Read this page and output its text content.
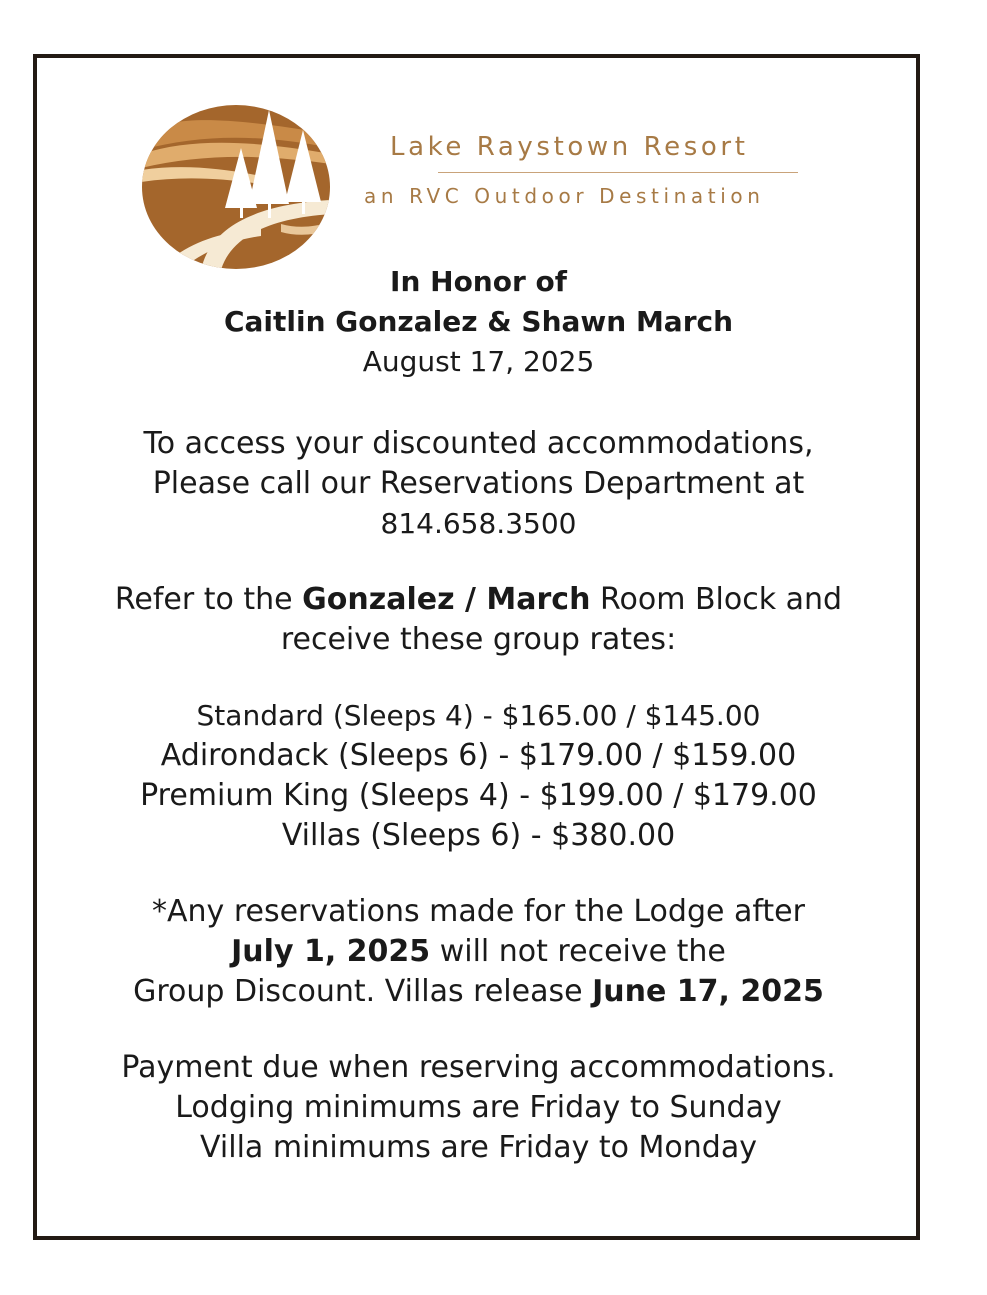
Lake Raystown Resort
an RVC Outdoor Destination
In Honor of
Caitlin Gonzalez & Shawn March
August 17, 2025
To access your discounted accommodations,
Please call our Reservations Department at
814.658.3500
Refer to the Gonzalez / March Room Block and
receive these group rates:
Standard (Sleeps 4) - $165.00 / $145.00
Adirondack (Sleeps 6) - $179.00 / $159.00
Premium King (Sleeps 4) - $199.00 / $179.00
Villas (Sleeps 6) - $380.00
*Any reservations made for the Lodge after
July 1, 2025 will not receive the
Group Discount. Villas release June 17, 2025
Payment due when reserving accommodations.
Lodging minimums are Friday to Sunday
Villa minimums are Friday to Monday
